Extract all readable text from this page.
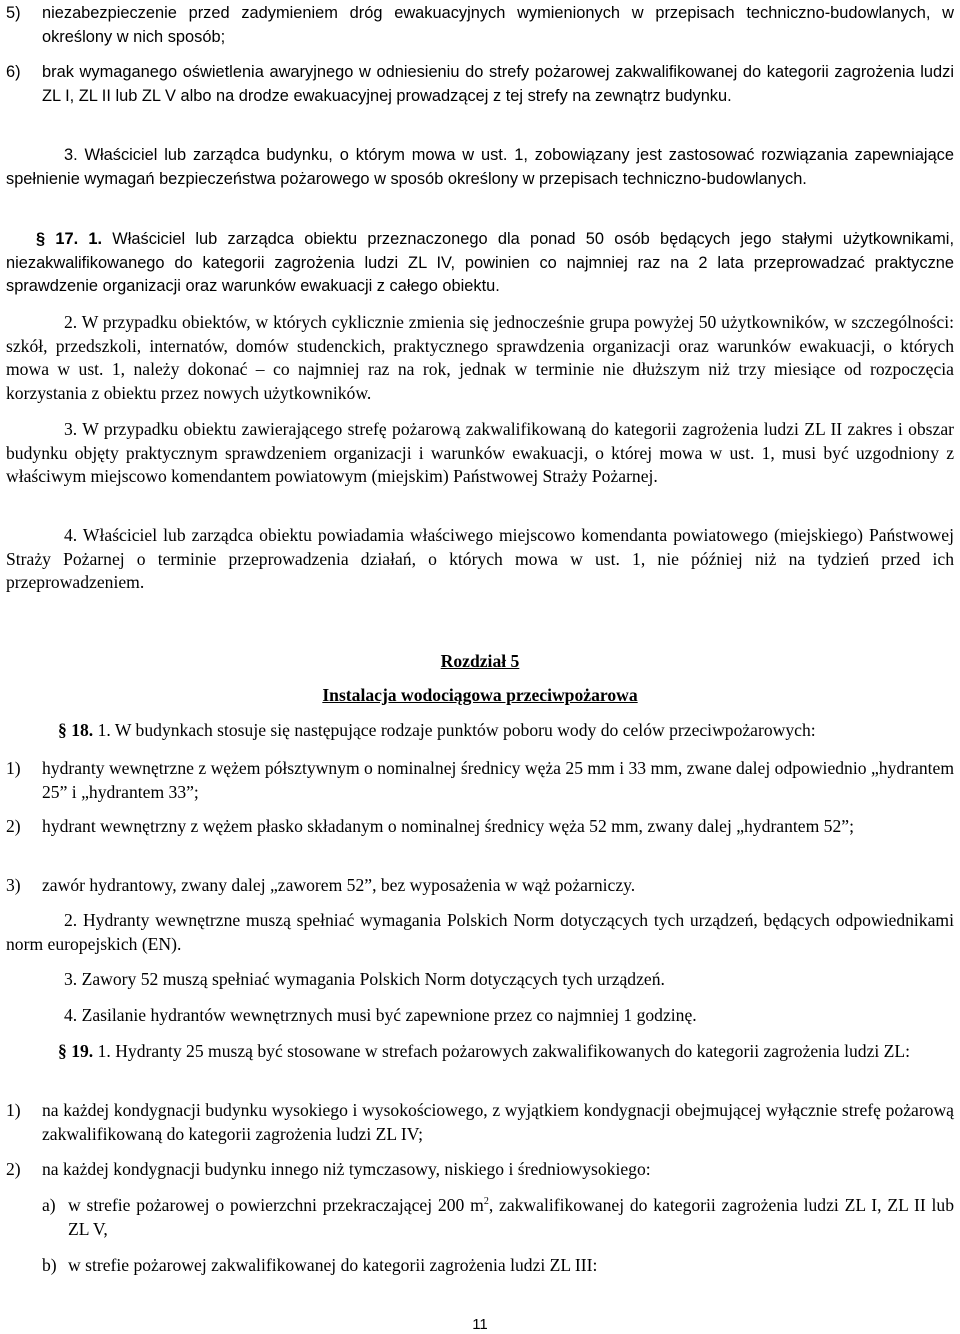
5) niezabezpieczenie przed zadymieniem dróg ewakuacyjnych wymienionych w przepisach techniczno-budowlanych, w określony w nich sposób;

6) brak wymaganego oświetlenia awaryjnego w odniesieniu do strefy pożarowej zakwalifikowanej do kategorii zagrożenia ludzi ZL I, ZL II lub ZL V albo na drodze ewakuacyjnej prowadzącej z tej strefy na zewnątrz budynku.

3. Właściciel lub zarządca budynku, o którym mowa w ust. 1, zobowiązany jest zastosować rozwiązania zapewniające spełnienie wymagań bezpieczeństwa pożarowego w sposób określony w przepisach techniczno-budowlanych.

§ 17. 1. Właściciel lub zarządca obiektu przeznaczonego dla ponad 50 osób będących jego stałymi użytkownikami, niezakwalifikowanego do kategorii zagrożenia ludzi ZL IV, powinien co najmniej raz na 2 lata przeprowadzać praktyczne sprawdzenie organizacji oraz warunków ewakuacji z całego obiektu.

2. W przypadku obiektów, w których cyklicznie zmienia się jednocześnie grupa powyżej 50 użytkowników, w szczególności: szkół, przedszkoli, internatów, domów studenckich, praktycznego sprawdzenia organizacji oraz warunków ewakuacji, o których mowa w ust. 1, należy dokonać – co najmniej raz na rok, jednak w terminie nie dłuższym niż trzy miesiące od rozpoczęcia korzystania z obiektu przez nowych użytkowników.

3. W przypadku obiektu zawierającego strefę pożarową zakwalifikowaną do kategorii zagrożenia ludzi ZL II zakres i obszar budynku objęty praktycznym sprawdzeniem organizacji i warunków ewakuacji, o której mowa w ust. 1, musi być uzgodniony z właściwym miejscowo komendantem powiatowym (miejskim) Państwowej Straży Pożarnej.

4. Właściciel lub zarządca obiektu powiadamia właściwego miejscowo komendanta powiatowego (miejskiego) Państwowej Straży Pożarnej o terminie przeprowadzenia działań, o których mowa w ust. 1, nie później niż na tydzień przed ich przeprowadzeniem.

Rozdział 5

Instalacja wodociągowa przeciwpożarowa

§ 18. 1. W budynkach stosuje się następujące rodzaje punktów poboru wody do celów przeciwpożarowych:

1) hydranty wewnętrzne z wężem półsztywnym o nominalnej średnicy węża 25 mm i 33 mm, zwane dalej odpowiednio „hydrantem 25” i „hydrantem 33”;

2) hydrant wewnętrzny z wężem płasko składanym o nominalnej średnicy węża 52 mm, zwany dalej „hydrantem 52”;

3) zawór hydrantowy, zwany dalej „zaworem 52”, bez wyposażenia w wąż pożarniczy.

2. Hydranty wewnętrzne muszą spełniać wymagania Polskich Norm dotyczących tych urządzeń, będących odpowiednikami norm europejskich (EN).

3. Zawory 52 muszą spełniać wymagania Polskich Norm dotyczących tych urządzeń.

4. Zasilanie hydrantów wewnętrznych musi być zapewnione przez co najmniej 1 godzinę.

§ 19. 1. Hydranty 25 muszą być stosowane w strefach pożarowych zakwalifikowanych do kategorii zagrożenia ludzi ZL:

1) na każdej kondygnacji budynku wysokiego i wysokościowego, z wyjątkiem kondygnacji obejmującej wyłącznie strefę pożarową zakwalifikowaną do kategorii zagrożenia ludzi ZL IV;

2) na każdej kondygnacji budynku innego niż tymczasowy, niskiego i średniowysokiego:

a) w strefie pożarowej o powierzchni przekraczającej 200 $m^2$, zakwalifikowanej do kategorii zagrożenia ludzi ZL I, ZL II lub ZL V,

b) w strefie pożarowej zakwalifikowanej do kategorii zagrożenia ludzi ZL III:

11
